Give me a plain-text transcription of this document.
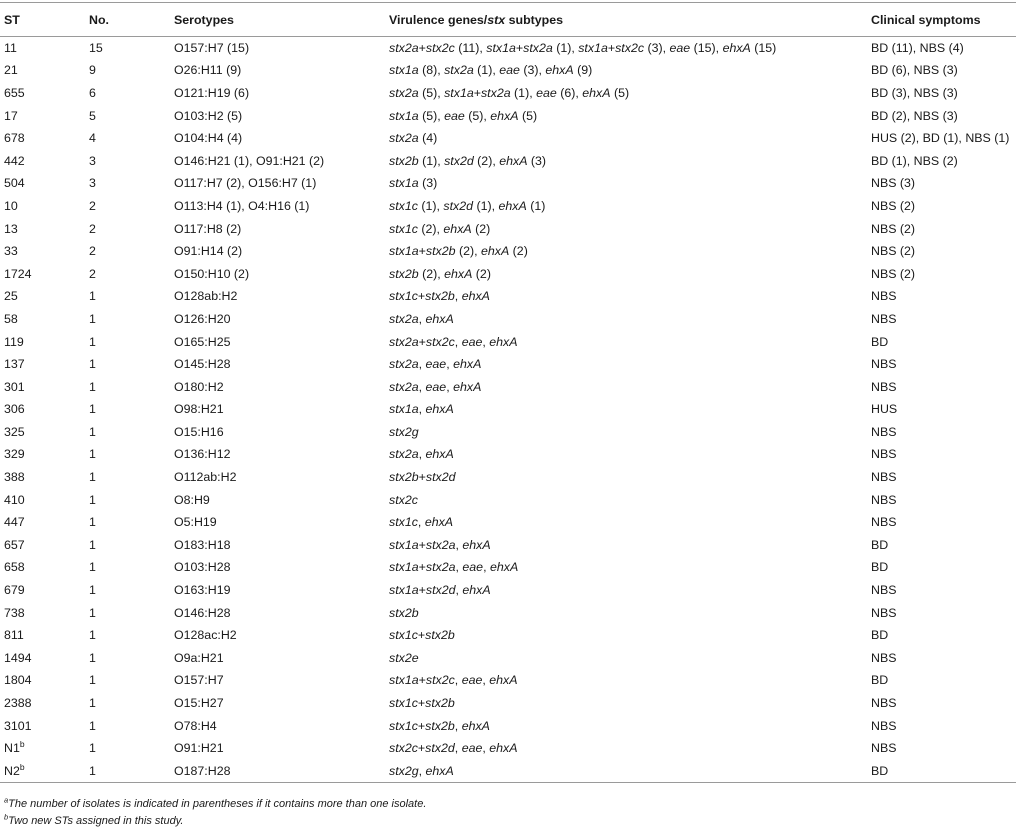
ST	No.	Serotypes	Virulence genes/stx subtypes	Clinical symptoms
11	15	O157:H7 (15)	stx2a+stx2c (11), stx1a+stx2a (1), stx1a+stx2c (3), eae (15), ehxA (15)	BD (11), NBS (4)
21	9	O26:H11 (9)	stx1a (8), stx2a (1), eae (3), ehxA (9)	BD (6), NBS (3)
655	6	O121:H19 (6)	stx2a (5), stx1a+stx2a (1), eae (6), ehxA (5)	BD (3), NBS (3)
17	5	O103:H2 (5)	stx1a (5), eae (5), ehxA (5)	BD (2), NBS (3)
678	4	O104:H4 (4)	stx2a (4)	HUS (2), BD (1), NBS (1)
442	3	O146:H21 (1), O91:H21 (2)	stx2b (1), stx2d (2), ehxA (3)	BD (1), NBS (2)
504	3	O117:H7 (2), O156:H7 (1)	stx1a (3)	NBS (3)
10	2	O113:H4 (1), O4:H16 (1)	stx1c (1), stx2d (1), ehxA (1)	NBS (2)
13	2	O117:H8 (2)	stx1c (2), ehxA (2)	NBS (2)
33	2	O91:H14 (2)	stx1a+stx2b (2), ehxA (2)	NBS (2)
1724	2	O150:H10 (2)	stx2b (2), ehxA (2)	NBS (2)
25	1	O128ab:H2	stx1c+stx2b, ehxA	NBS
58	1	O126:H20	stx2a, ehxA	NBS
119	1	O165:H25	stx2a+stx2c, eae, ehxA	BD
137	1	O145:H28	stx2a, eae, ehxA	NBS
301	1	O180:H2	stx2a, eae, ehxA	NBS
306	1	O98:H21	stx1a, ehxA	HUS
325	1	O15:H16	stx2g	NBS
329	1	O136:H12	stx2a, ehxA	NBS
388	1	O112ab:H2	stx2b+stx2d	NBS
410	1	O8:H9	stx2c	NBS
447	1	O5:H19	stx1c, ehxA	NBS
657	1	O183:H18	stx1a+stx2a, ehxA	BD
658	1	O103:H28	stx1a+stx2a, eae, ehxA	BD
679	1	O163:H19	stx1a+stx2d, ehxA	NBS
738	1	O146:H28	stx2b	NBS
811	1	O128ac:H2	stx1c+stx2b	BD
1494	1	O9a:H21	stx2e	NBS
1804	1	O157:H7	stx1a+stx2c, eae, ehxA	BD
2388	1	O15:H27	stx1c+stx2b	NBS
3101	1	O78:H4	stx1c+stx2b, ehxA	NBS
N1$^b$	1	O91:H21	stx2c+stx2d, eae, ehxA	NBS
N2$^b$	1	O187:H28	stx2g, ehxA	BD
$^a$The number of isolates is indicated in parentheses if it contains more than one isolate.
$^b$Two new STs assigned in this study.
